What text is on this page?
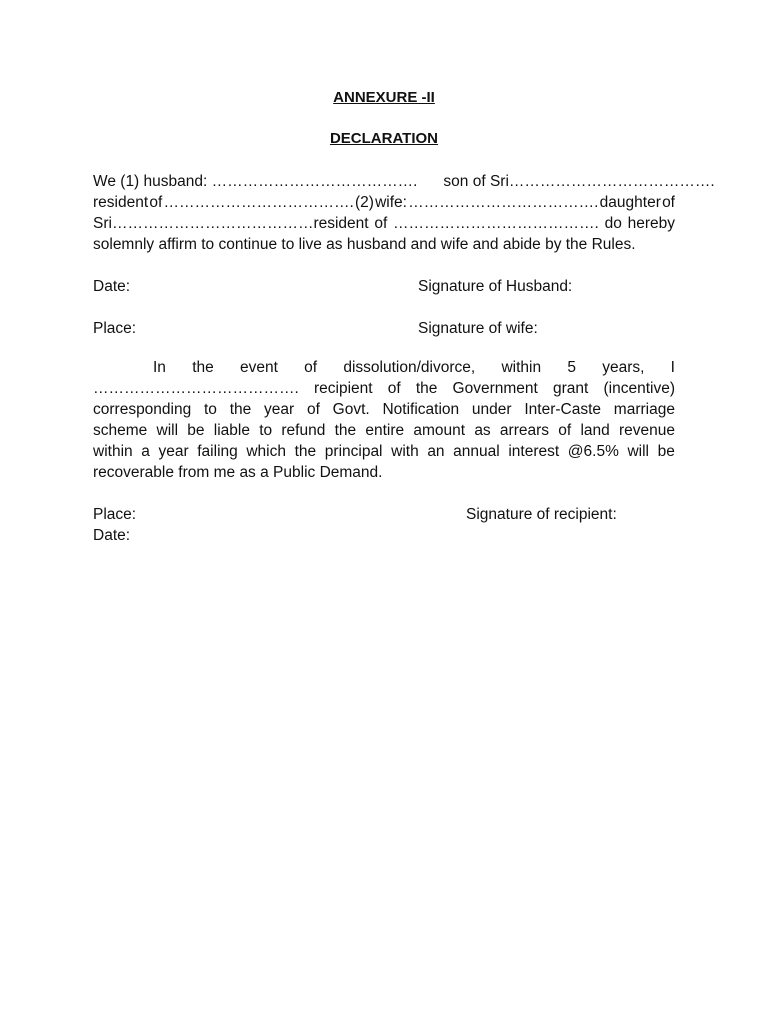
ANNEXURE -II
DECLARATION
We (1) husband: …………………………………. son of Sri………………………………….
resident of ………………………………. (2) wife: ………………………………. daughter of
Sri…………………………………resident of …………………………………. do hereby
solemnly affirm to continue to live as husband and wife and abide by the Rules.
Date:	Signature of Husband:
Place:	Signature of wife:
In the event of dissolution/divorce, within 5 years, I
…………………………………. recipient of the Government grant (incentive)
corresponding to the year of Govt. Notification under Inter-Caste marriage
scheme will be liable to refund the entire amount as arrears of land revenue
within a year failing which the principal with an annual interest @6.5% will be
recoverable from me as a Public Demand.
Place:	Signature of recipient:
Date:
